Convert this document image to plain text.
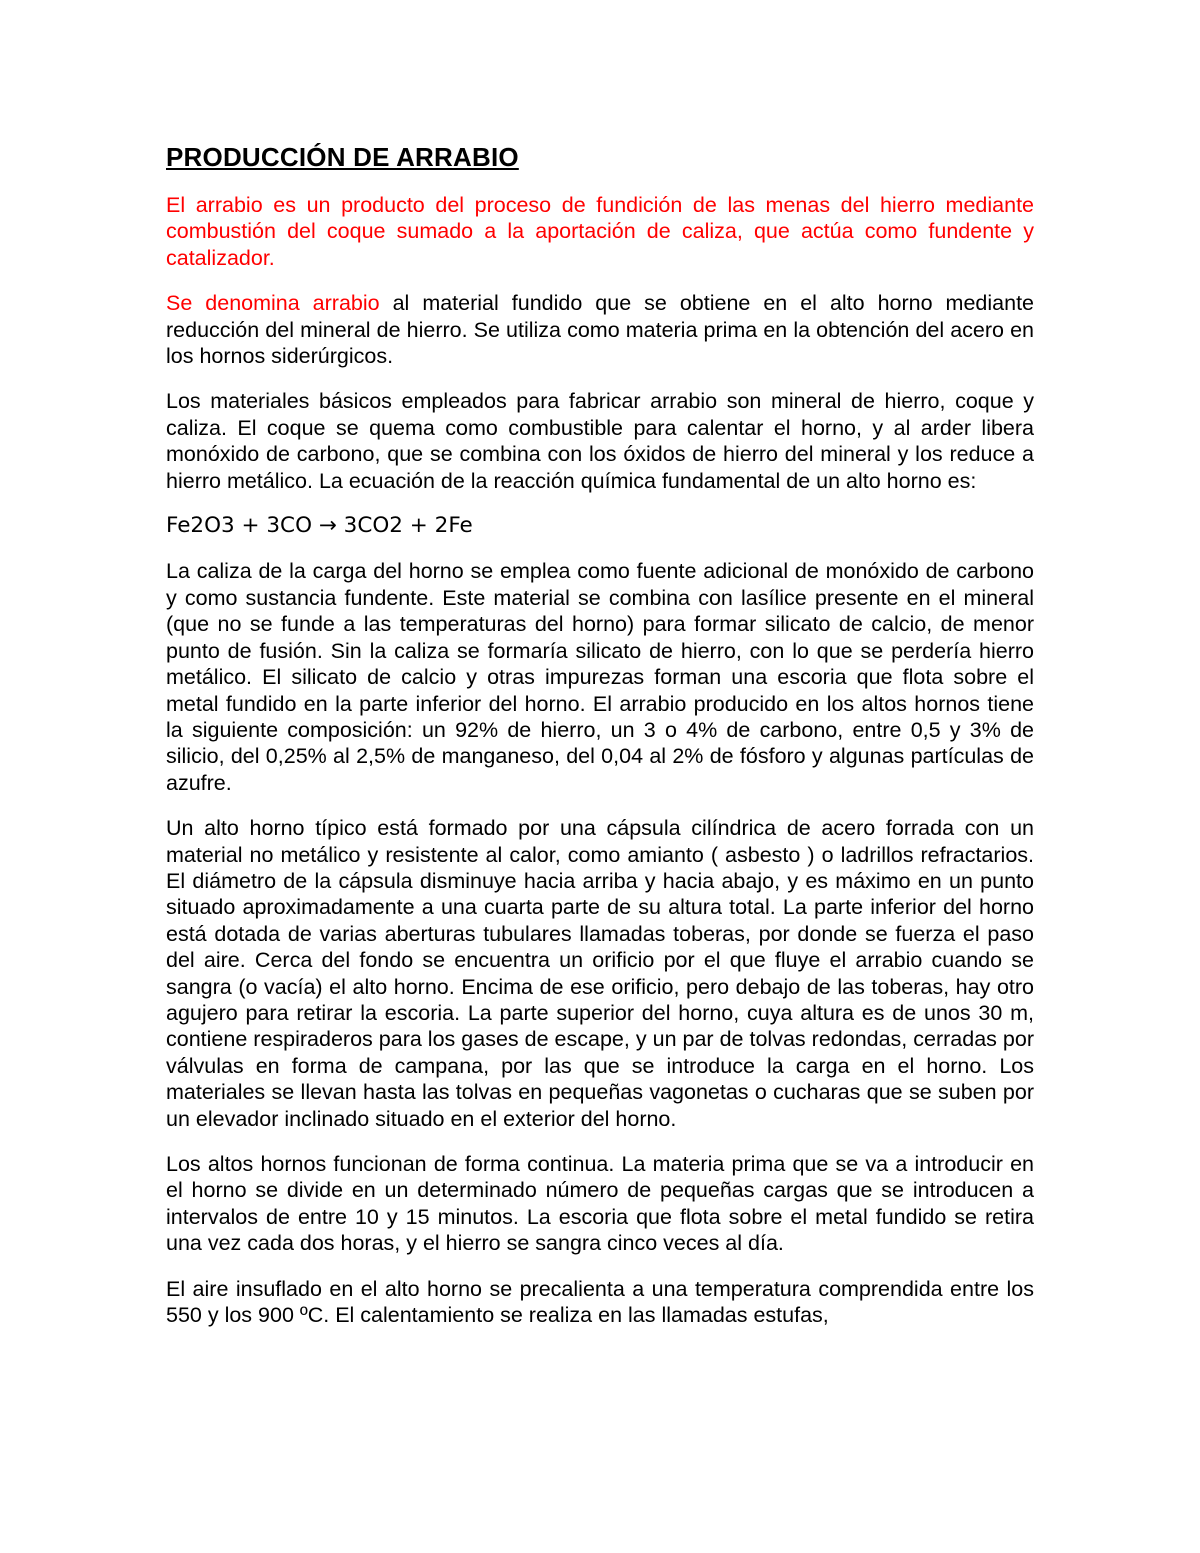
PRODUCCIÓN DE ARRABIO

El arrabio es un producto del proceso de fundición de las menas del hierro mediante combustión del coque sumado a la aportación de caliza, que actúa como fundente y catalizador.

Se denomina arrabio al material fundido que se obtiene en el alto horno mediante reducción del mineral de hierro. Se utiliza como materia prima en la obtención del acero en los hornos siderúrgicos.

Los materiales básicos empleados para fabricar arrabio son mineral de hierro, coque y caliza. El coque se quema como combustible para calentar el horno, y al arder libera monóxido de carbono, que se combina con los óxidos de hierro del mineral y los reduce a hierro metálico. La ecuación de la reacción química fundamental de un alto horno es:

Fe2O3 + 3CO → 3CO2 + 2Fe

La caliza de la carga del horno se emplea como fuente adicional de monóxido de carbono y como sustancia fundente. Este material se combina con lasílice presente en el mineral (que no se funde a las temperaturas del horno) para formar silicato de calcio, de menor punto de fusión. Sin la caliza se formaría silicato de hierro, con lo que se perdería hierro metálico. El silicato de calcio y otras impurezas forman una escoria que flota sobre el metal fundido en la parte inferior del horno. El arrabio producido en los altos hornos tiene la siguiente composición: un 92% de hierro, un 3 o 4% de carbono, entre 0,5 y 3% de silicio, del 0,25% al 2,5% de manganeso, del 0,04 al 2% de fósforo y algunas partículas de azufre.

Un alto horno típico está formado por una cápsula cilíndrica de acero forrada con un material no metálico y resistente al calor, como amianto ( asbesto ) o ladrillos refractarios. El diámetro de la cápsula disminuye hacia arriba y hacia abajo, y es máximo en un punto situado aproximadamente a una cuarta parte de su altura total. La parte inferior del horno está dotada de varias aberturas tubulares llamadas toberas, por donde se fuerza el paso del aire. Cerca del fondo se encuentra un orificio por el que fluye el arrabio cuando se sangra (o vacía) el alto horno. Encima de ese orificio, pero debajo de las toberas, hay otro agujero para retirar la escoria. La parte superior del horno, cuya altura es de unos 30 m, contiene respiraderos para los gases de escape, y un par de tolvas redondas, cerradas por válvulas en forma de campana, por las que se introduce la carga en el horno. Los materiales se llevan hasta las tolvas en pequeñas vagonetas o cucharas que se suben por un elevador inclinado situado en el exterior del horno.

Los altos hornos funcionan de forma continua. La materia prima que se va a introducir en el horno se divide en un determinado número de pequeñas cargas que se introducen a intervalos de entre 10 y 15 minutos. La escoria que flota sobre el metal fundido se retira una vez cada dos horas, y el hierro se sangra cinco veces al día.

El aire insuflado en el alto horno se precalienta a una temperatura comprendida entre los 550 y los 900 ºC. El calentamiento se realiza en las llamadas estufas,
